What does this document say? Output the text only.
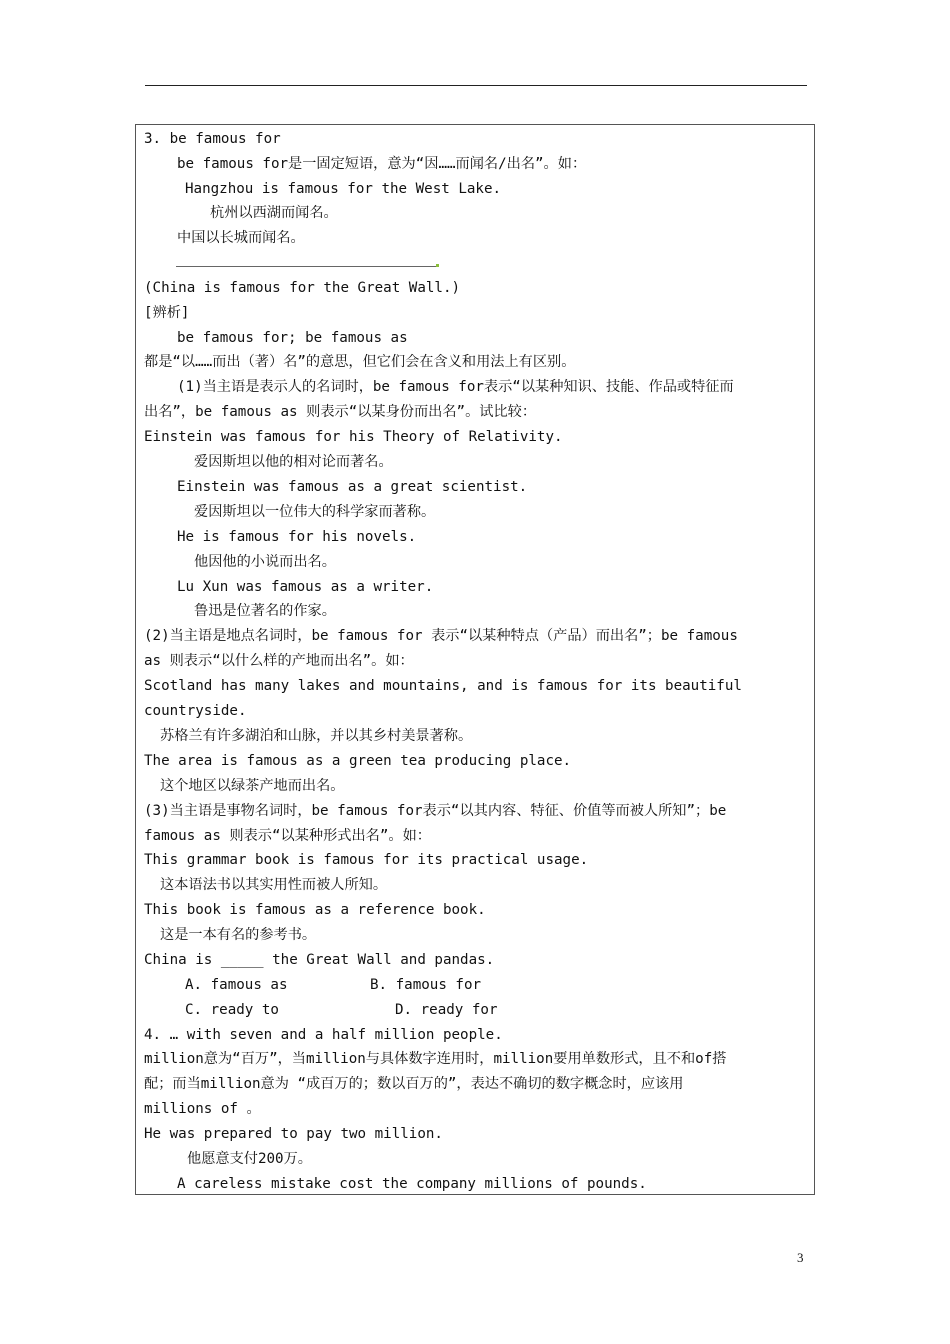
3. be famous for
be famous for是一固定短语，意为“因……而闻名/出名”。如：
Hangzhou is famous for the West Lake.
杭州以西湖而闻名。
中国以长城而闻名。
(China is famous for the Great Wall.)
[辨析]
be famous for; be famous as
都是“以……而出（著）名”的意思，但它们会在含义和用法上有区别。
(1)当主语是表示人的名词时，be famous for表示“以某种知识、技能、作品或特征而
出名”，be famous as 则表示“以某身份而出名”。试比较：
Einstein was famous for his Theory of Relativity.
爱因斯坦以他的相对论而著名。
Einstein was famous as a great scientist.
爱因斯坦以一位伟大的科学家而著称。
He is famous for his novels.
他因他的小说而出名。
Lu Xun was famous as a writer.
鲁迅是位著名的作家。
(2)当主语是地点名词时，be famous for 表示“以某种特点（产品）而出名”；be famous
as 则表示“以什么样的产地而出名”。如：
Scotland has many lakes and mountains, and is famous for its beautiful
countryside.
苏格兰有许多湖泊和山脉，并以其乡村美景著称。
The area is famous as a green tea producing place.
这个地区以绿茶产地而出名。
(3)当主语是事物名词时，be famous for表示“以其内容、特征、价值等而被人所知”；be
famous as 则表示“以某种形式出名”。如：
This grammar book is famous for its practical usage.
这本语法书以其实用性而被人所知。
This book is famous as a reference book.
这是一本有名的参考书。
China is _____ the Great Wall and pandas.
A. famous as	B. famous for
C. ready to	D. ready for
4. … with seven and a half million people.
million意为“百万”，当million与具体数字连用时，million要用单数形式，且不和of搭
配；而当million意为 “成百万的；数以百万的”，表达不确切的数字概念时，应该用
millions of 。
He was prepared to pay two million.
他愿意支付200万。
A careless mistake cost the company millions of pounds.
3
